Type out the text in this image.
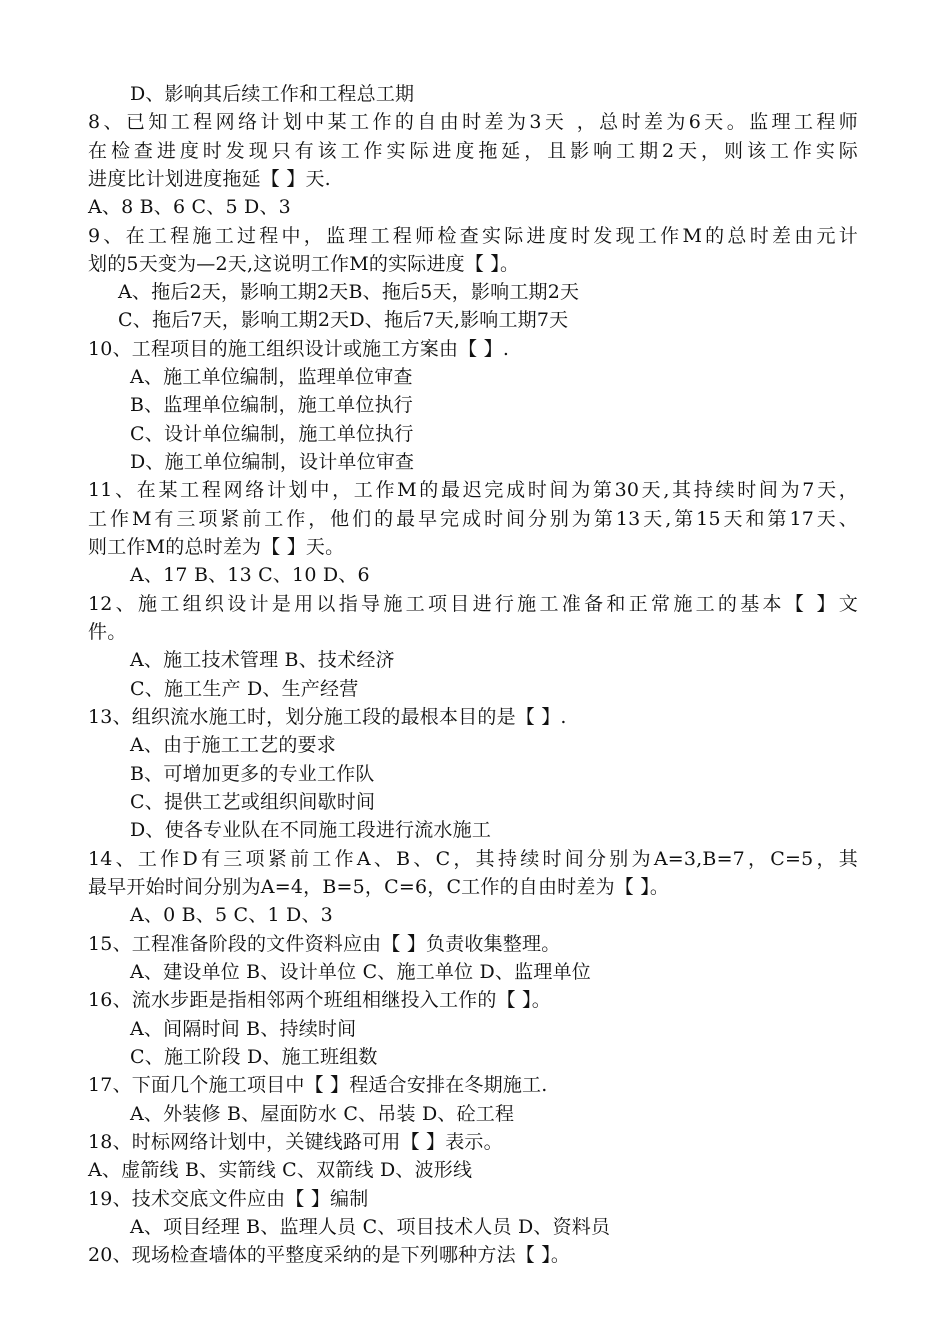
D、影响其后续工作和工程总工期
8、已知工程网络计划中某工作的自由时差为3天 ，总时差为6天。监理工程师
在检查进度时发现只有该工作实际进度拖延，且影响工期2天，则该工作实际
进度比计划进度拖延【 】天.
A、8 B、6 C、5 D、3
9、在工程施工过程中，监理工程师检查实际进度时发现工作M的总时差由元计
划的5天变为—2天,这说明工作M的实际进度【 】。
A、拖后2天，影响工期2天B、拖后5天，影响工期2天
C、拖后7天，影响工期2天D、拖后7天,影响工期7天
10、工程项目的施工组织设计或施工方案由【 】.
A、施工单位编制，监理单位审查
B、监理单位编制，施工单位执行
C、设计单位编制，施工单位执行
D、施工单位编制，设计单位审查
11、在某工程网络计划中，工作M的最迟完成时间为第30天,其持续时间为7天，
工作M有三项紧前工作，他们的最早完成时间分别为第13天,第15天和第17天、
则工作M的总时差为【 】天。
A、17 B、13 C、10 D、6
12、施工组织设计是用以指导施工项目进行施工准备和正常施工的基本【 】文
件。
A、施工技术管理 B、技术经济
C、施工生产 D、生产经营
13、组织流水施工时，划分施工段的最根本目的是【 】.
A、由于施工工艺的要求
B、可增加更多的专业工作队
C、提供工艺或组织间歇时间
D、使各专业队在不同施工段进行流水施工
14、工作D有三项紧前工作A、B、C，其持续时间分别为A=3,B=7，C=5，其
最早开始时间分别为A=4，B=5，C=6，C工作的自由时差为【 】。
A、0 B、5 C、1 D、3
15、工程准备阶段的文件资料应由【 】负责收集整理。
A、建设单位 B、设计单位 C、施工单位 D、监理单位
16、流水步距是指相邻两个班组相继投入工作的【 】。
A、间隔时间 B、持续时间
C、施工阶段 D、施工班组数
17、下面几个施工项目中【 】程适合安排在冬期施工.
A、外装修 B、屋面防水 C、吊装 D、砼工程
18、时标网络计划中，关键线路可用【 】表示。
A、虚箭线 B、实箭线 C、双箭线 D、波形线
19、技术交底文件应由【 】编制
A、项目经理 B、监理人员 C、项目技术人员 D、资料员
20、现场检查墙体的平整度采纳的是下列哪种方法【 】。
